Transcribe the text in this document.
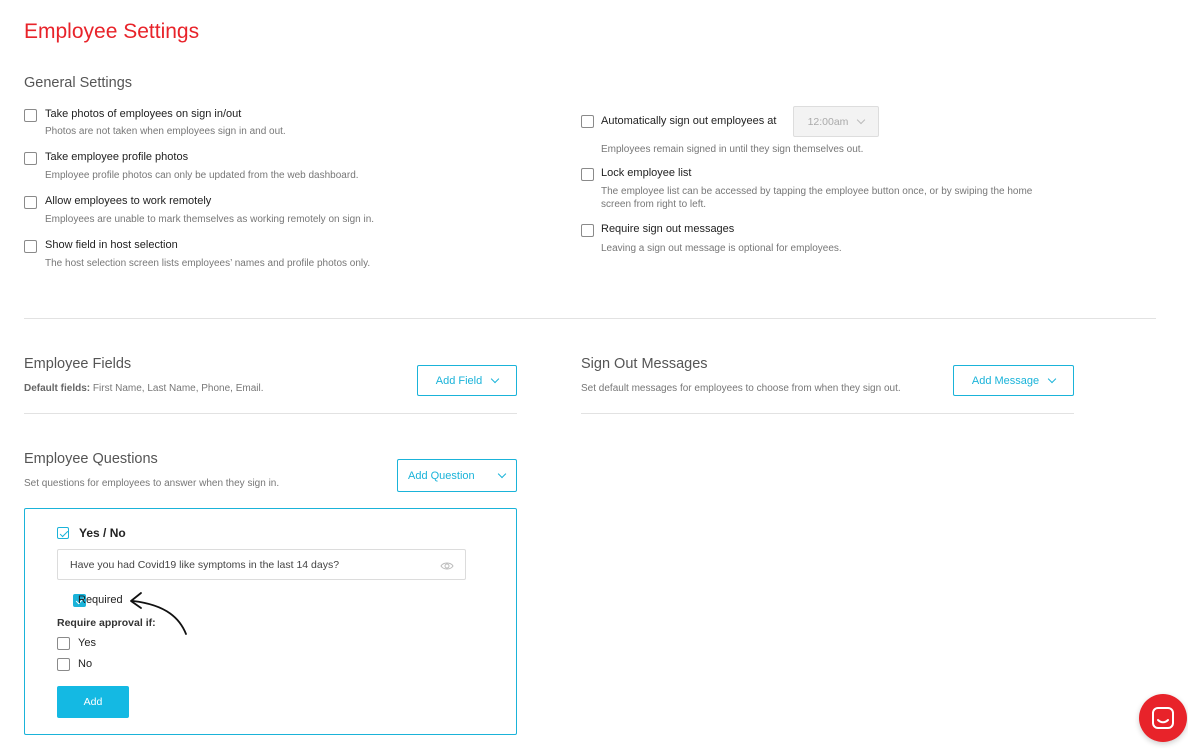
Employee Settings
General Settings
Take photos of employees on sign in/out
Photos are not taken when employees sign in and out.
Take employee profile photos
Employee profile photos can only be updated from the web dashboard.
Allow employees to work remotely
Employees are unable to mark themselves as working remotely on sign in.
Show field in host selection
The host selection screen lists employees’ names and profile photos only.
Automatically sign out employees at	12:00am
Employees remain signed in until they sign themselves out.
Lock employee list
The employee list can be accessed by tapping the employee button once, or by swiping the home
screen from right to left.
Require sign out messages
Leaving a sign out message is optional for employees.
Employee Fields
Default fields: First Name, Last Name, Phone, Email.
Add Field
Sign Out Messages
Set default messages for employees to choose from when they sign out.
Add Message
Employee Questions
Set questions for employees to answer when they sign in.
Add Question

Yes / No
Have you had Covid19 like symptoms in the last 14 days?
Required
Require approval if:
Yes
No
Add
